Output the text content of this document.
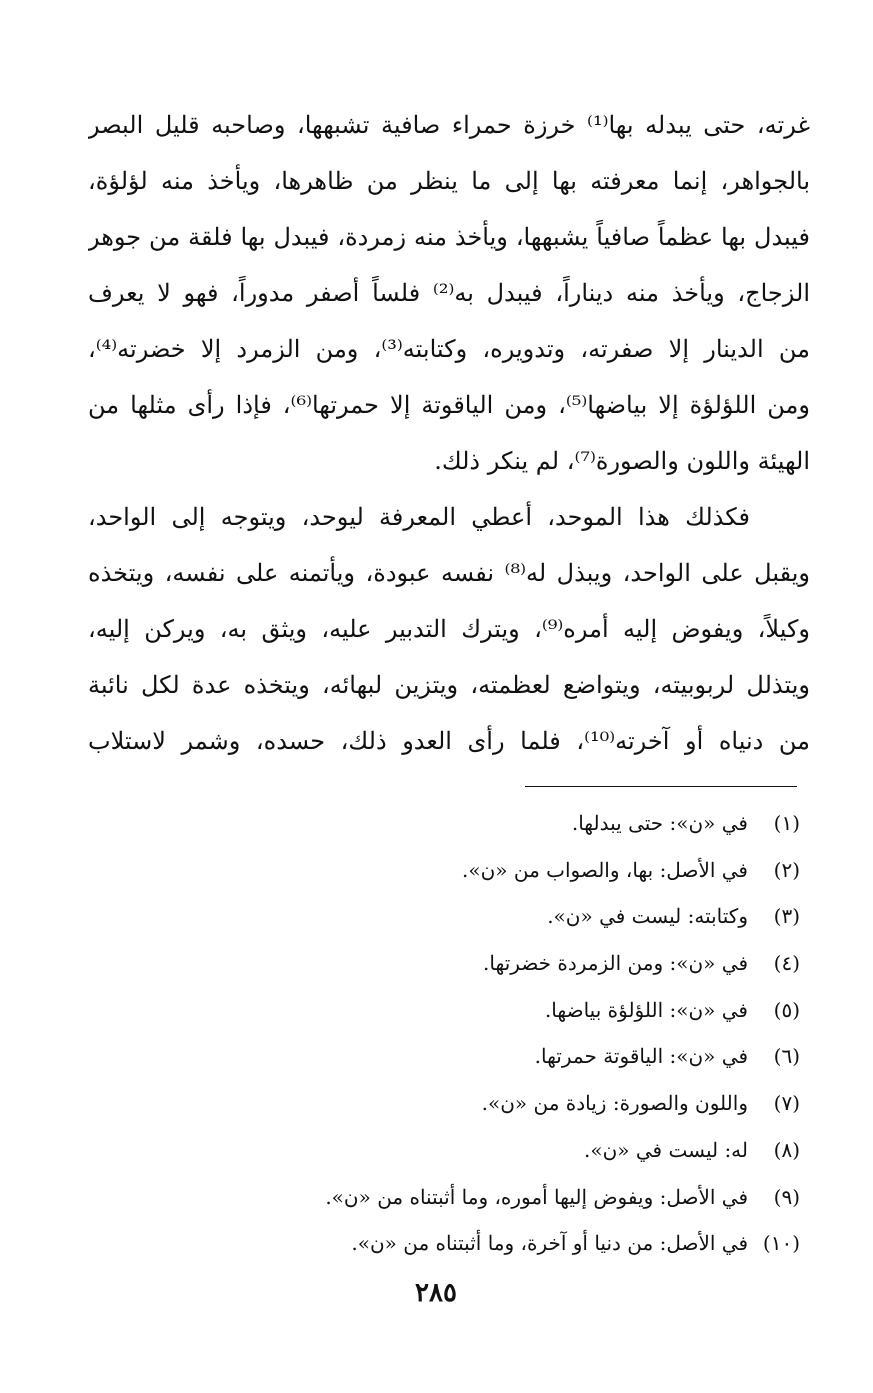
غرته، حتى يبدله بها⁽¹⁾ خرزة حمراء صافية تشبهها، وصاحبه قليل البصر
بالجواهر، إنما معرفته بها إلى ما ينظر من ظاهرها، ويأخذ منه لؤلؤة،
فيبدل بها عظماً صافياً يشبهها، ويأخذ منه زمردة، فيبدل بها فلقة من جوهر
الزجاج، ويأخذ منه ديناراً، فيبدل به⁽²⁾ فلساً أصفر مدوراً، فهو لا يعرف
من الدينار إلا صفرته، وتدويره، وكتابته⁽³⁾، ومن الزمرد إلا خضرته⁽⁴⁾،
ومن اللؤلؤة إلا بياضها⁽⁵⁾، ومن الياقوتة إلا حمرتها⁽⁶⁾، فإذا رأى مثلها من
الهيئة واللون والصورة⁽⁷⁾، لم ينكر ذلك.
فكذلك هذا الموحد، أعطي المعرفة ليوحد، ويتوجه إلى الواحد،
ويقبل على الواحد، ويبذل له⁽⁸⁾ نفسه عبودة، ويأتمنه على نفسه، ويتخذه
وكيلاً، ويفوض إليه أمره⁽⁹⁾، ويترك التدبير عليه، ويثق به، ويركن إليه،
ويتذلل لربوبيته، ويتواضع لعظمته، ويتزين لبهائه، ويتخذه عدة لكل نائبة
من دنياه أو آخرته⁽¹⁰⁾، فلما رأى العدو ذلك، حسده، وشمر لاستلاب
(١)في «ن»: حتى يبدلها.
(٢)في الأصل: بها، والصواب من «ن».
(٣)وكتابته: ليست في «ن».
(٤)في «ن»: ومن الزمردة خضرتها.
(٥)في «ن»: اللؤلؤة بياضها.
(٦)في «ن»: الياقوتة حمرتها.
(٧)واللون والصورة: زيادة من «ن».
(٨)له: ليست في «ن».
(٩)في الأصل: ويفوض إليها أموره، وما أثبتناه من «ن».
(١٠)في الأصل: من دنيا أو آخرة، وما أثبتناه من «ن».
٢٨٥
